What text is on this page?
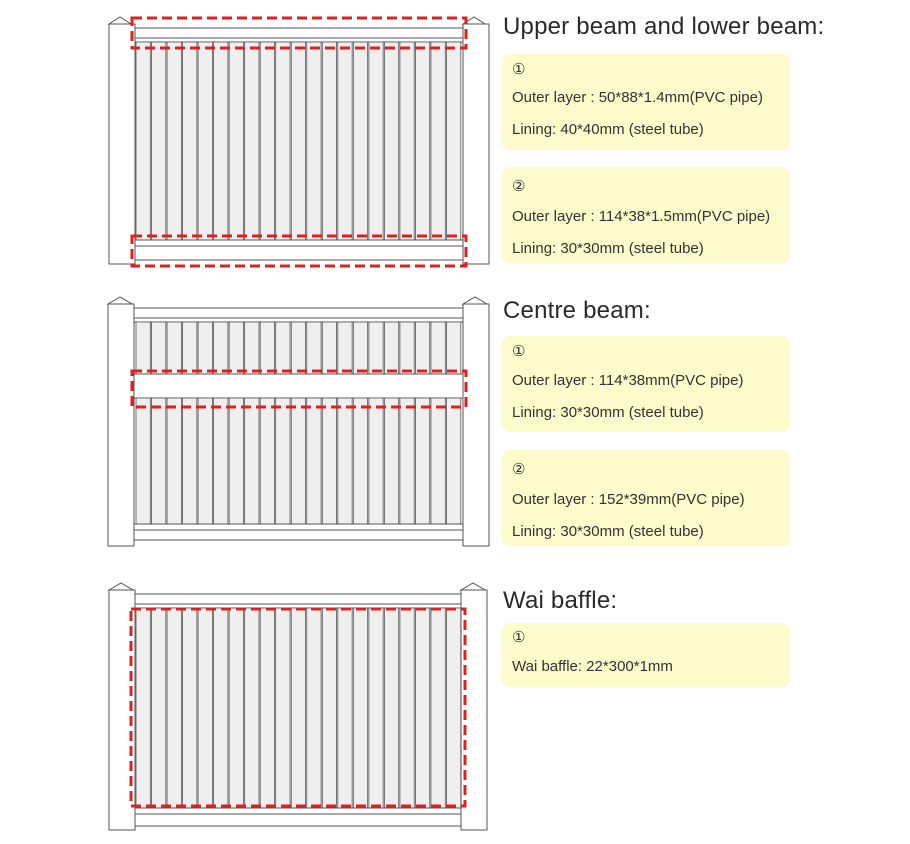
Upper beam and lower beam:
①
Outer layer : 50*88*1.4mm(PVC pipe)
Lining: 40*40mm (steel tube)
②
Outer layer : 114*38*1.5mm(PVC pipe)
Lining: 30*30mm (steel tube)
Centre beam:
①
Outer layer : 114*38mm(PVC pipe)
Lining: 30*30mm (steel tube)
②
Outer layer : 152*39mm(PVC pipe)
Lining: 30*30mm (steel tube)
Wai baffle:
①
Wai baffle: 22*300*1mm
